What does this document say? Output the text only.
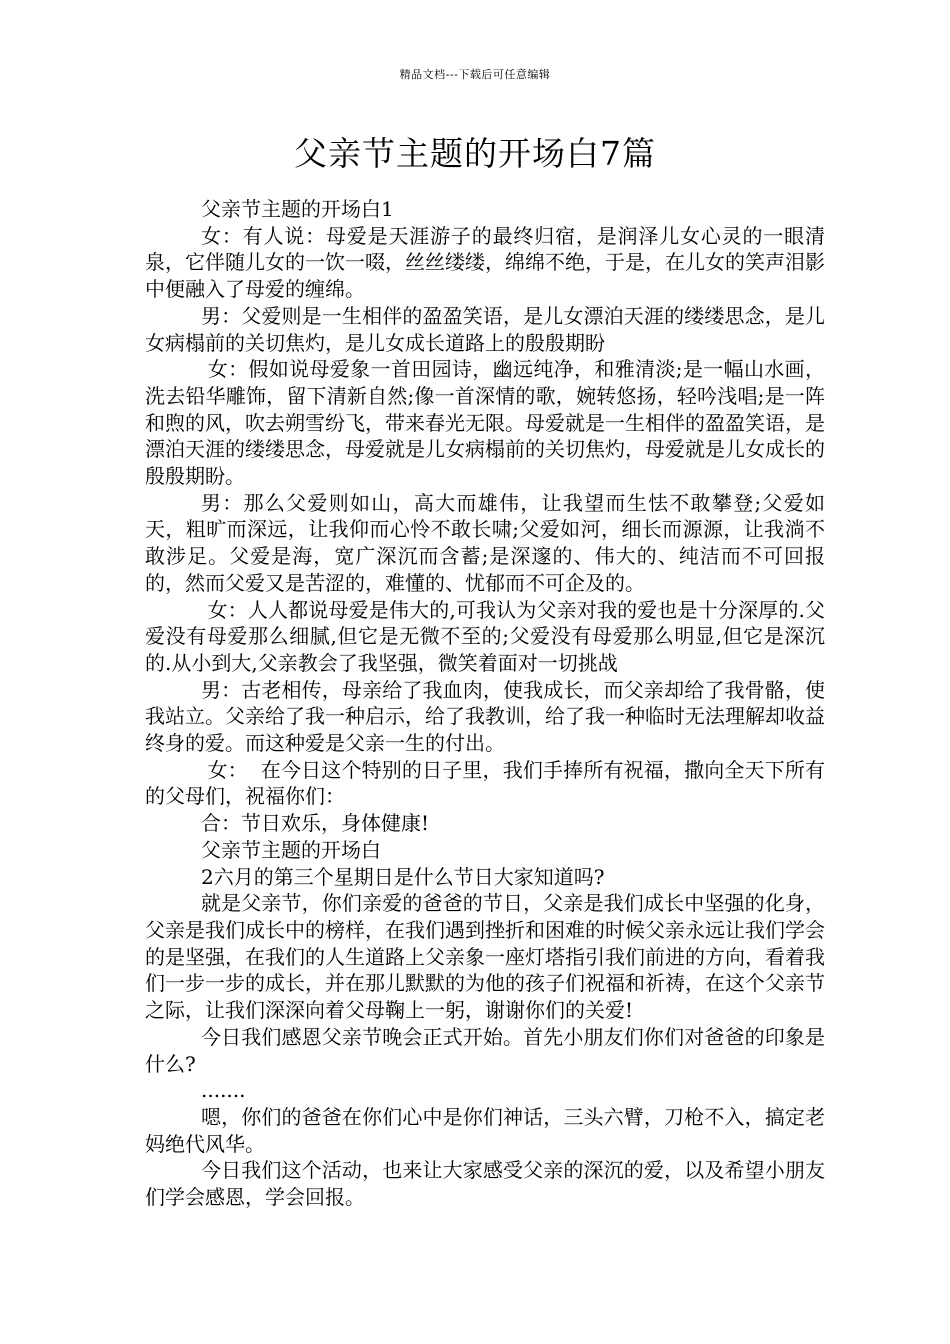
精品文档---下载后可任意编辑
父亲节主题的开场白7篇

父亲节主题的开场白1

女：有人说：母爱是天涯游子的最终归宿，是润泽儿女心灵的一眼清泉，它伴随儿女的一饮一啜，丝丝缕缕，绵绵不绝，于是，在儿女的笑声泪影中便融入了母爱的缠绵。

男：父爱则是一生相伴的盈盈笑语，是儿女漂泊天涯的缕缕思念，是儿女病榻前的关切焦灼，是儿女成长道路上的殷殷期盼

女：假如说母爱象一首田园诗，幽远纯净，和雅清淡;是一幅山水画，洗去铅华雕饰，留下清新自然;像一首深情的歌，婉转悠扬，轻吟浅唱;是一阵和煦的风，吹去朔雪纷飞，带来春光无限。母爱就是一生相伴的盈盈笑语，是漂泊天涯的缕缕思念，母爱就是儿女病榻前的关切焦灼，母爱就是儿女成长的殷殷期盼。

男：那么父爱则如山，高大而雄伟，让我望而生怯不敢攀登;父爱如天，粗旷而深远，让我仰而心怜不敢长啸;父爱如河，细长而源源，让我淌不敢涉足。父爱是海，宽广深沉而含蓄;是深邃的、伟大的、纯洁而不可回报的，然而父爱又是苦涩的，难懂的、忧郁而不可企及的。

女：人人都说母爱是伟大的,可我认为父亲对我的爱也是十分深厚的.父爱没有母爱那么细腻,但它是无微不至的;父爱没有母爱那么明显,但它是深沉的.从小到大,父亲教会了我坚强，微笑着面对一切挑战

男：古老相传，母亲给了我血肉，使我成长，而父亲却给了我骨骼，使我站立。父亲给了我一种启示，给了我教训，给了我一种临时无法理解却收益终身的爱。而这种爱是父亲一生的付出。

女：  在今日这个特别的日子里，我们手捧所有祝福，撒向全天下所有的父母们，祝福你们：

合：节日欢乐，身体健康!

父亲节主题的开场白

2六月的第三个星期日是什么节日大家知道吗?

就是父亲节，你们亲爱的爸爸的节日，父亲是我们成长中坚强的化身，父亲是我们成长中的榜样，在我们遇到挫折和困难的时候父亲永远让我们学会的是坚强，在我们的人生道路上父亲象一座灯塔指引我们前进的方向，看着我们一步一步的成长，并在那儿默默的为他的孩子们祝福和祈祷，在这个父亲节之际，让我们深深向着父母鞠上一躬，谢谢你们的关爱!

今日我们感恩父亲节晚会正式开始。首先小朋友们你们对爸爸的印象是什么?

.......

嗯，你们的爸爸在你们心中是你们神话，三头六臂，刀枪不入，搞定老妈绝代风华。

今日我们这个活动，也来让大家感受父亲的深沉的爱，以及希望小朋友们学会感恩，学会回报。
